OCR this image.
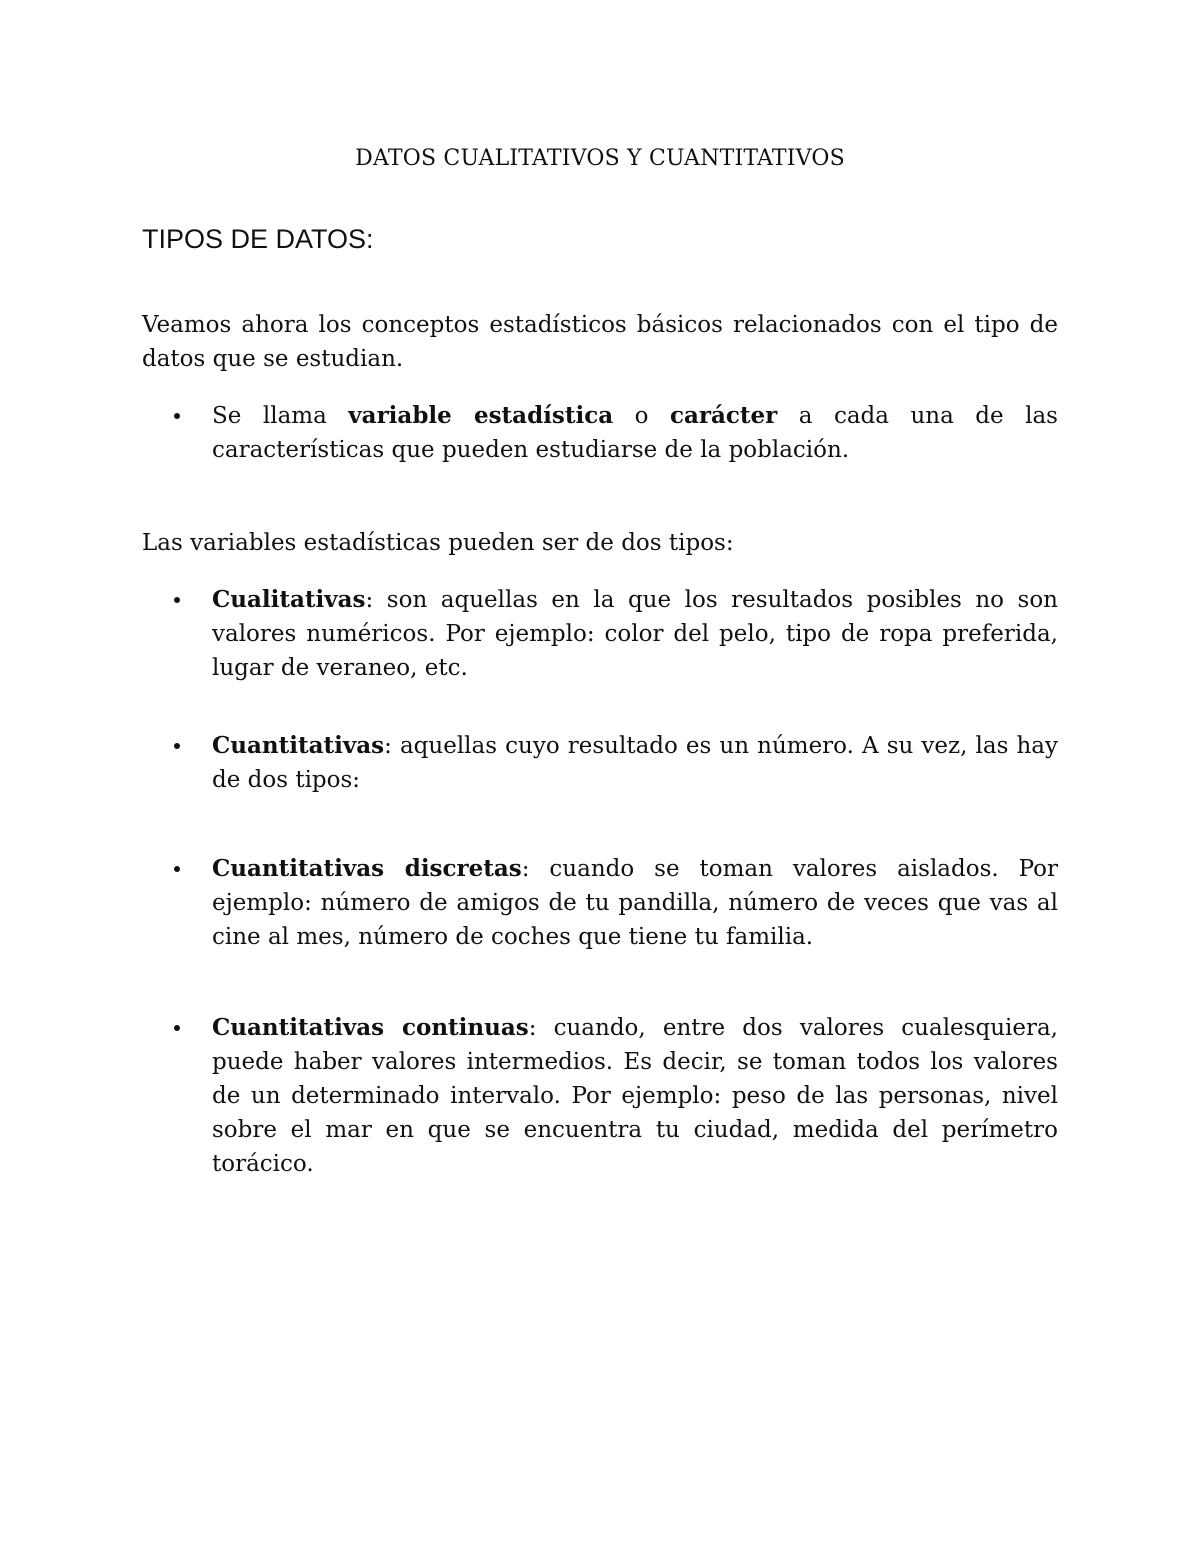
DATOS CUALITATIVOS Y CUANTITATIVOS
TIPOS DE DATOS:

Veamos ahora los conceptos estadísticos básicos relacionados con el tipo de datos que se estudian.

Se llama variable estadística o carácter a cada una de las
características que pueden estudiarse de la población.

Las variables estadísticas pueden ser de dos tipos:

Cualitativas: son aquellas en la que los resultados posibles no son valores numéricos. Por ejemplo: color del pelo, tipo de ropa preferida, lugar de veraneo, etc.
Cuantitativas: aquellas cuyo resultado es un número. A su vez, las hay de dos tipos:
Cuantitativas discretas: cuando se toman valores aislados. Por ejemplo: número de amigos de tu pandilla, número de veces que vas al cine al mes, número de coches que tiene tu familia.
Cuantitativas continuas: cuando, entre dos valores cualesquiera, puede haber valores intermedios. Es decir, se toman todos los valores de un determinado intervalo. Por ejemplo: peso de las personas, nivel sobre el mar en que se encuentra tu ciudad, medida del perímetro torácico.
